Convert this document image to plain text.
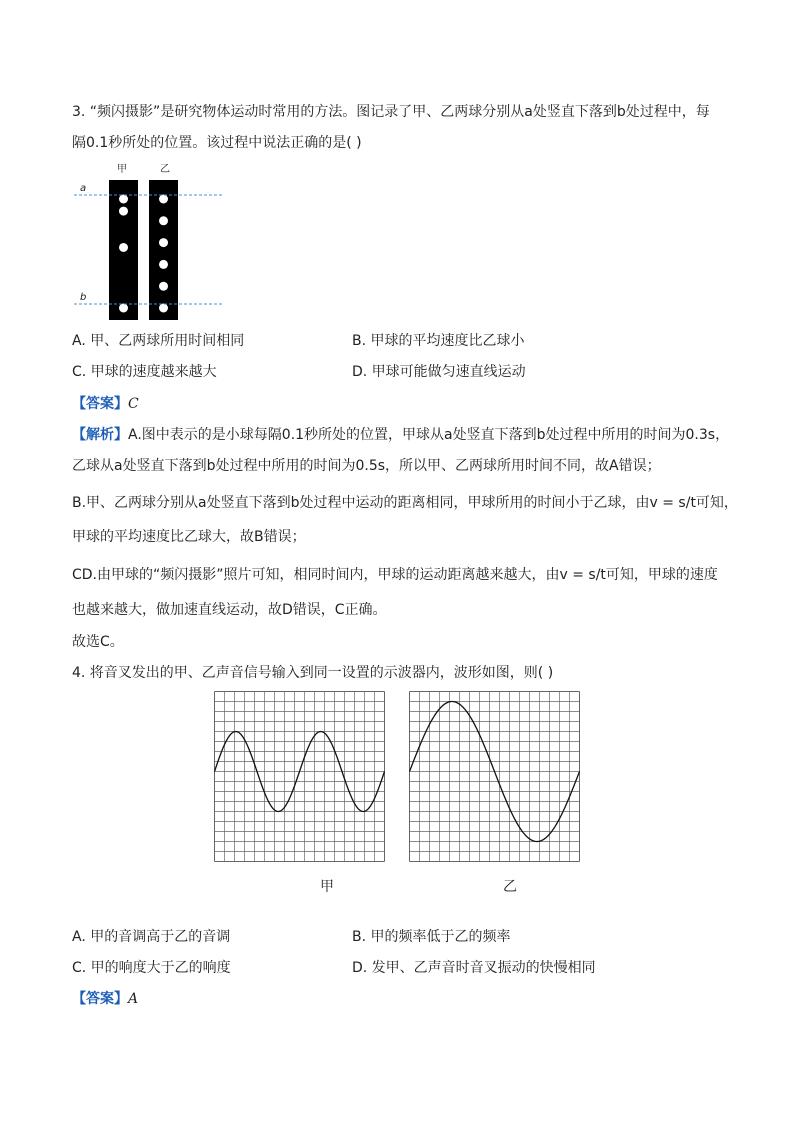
3. “频闪摄影”是研究物体运动时常用的方法。图记录了甲、乙两球分别从a处竖直下落到b处过程中，每
隔0.1秒所处的位置。该过程中说法正确的是( )
甲	乙
a
b
A. 甲、乙两球所用时间相同	B. 甲球的平均速度比乙球小
C. 甲球的速度越来越大	D. 甲球可能做匀速直线运动
【答案】C
【解析】A.图中表示的是小球每隔0.1秒所处的位置，甲球从a处竖直下落到b处过程中所用的时间为0.3s，
乙球从a处竖直下落到b处过程中所用的时间为0.5s，所以甲、乙两球所用时间不同，故A错误；
B.甲、乙两球分别从a处竖直下落到b处过程中运动的距离相同，甲球所用的时间小于乙球，由v = s/t可知，
甲球的平均速度比乙球大，故B错误；
CD.由甲球的“频闪摄影”照片可知，相同时间内，甲球的运动距离越来越大，由v = s/t可知，甲球的速度
也越来越大，做加速直线运动，故D错误，C正确。
故选C。
4. 将音叉发出的甲、乙声音信号输入到同一设置的示波器内，波形如图，则( )
甲	乙
A. 甲的音调高于乙的音调	B. 甲的频率低于乙的频率
C. 甲的响度大于乙的响度	D. 发甲、乙声音时音叉振动的快慢相同
【答案】A
